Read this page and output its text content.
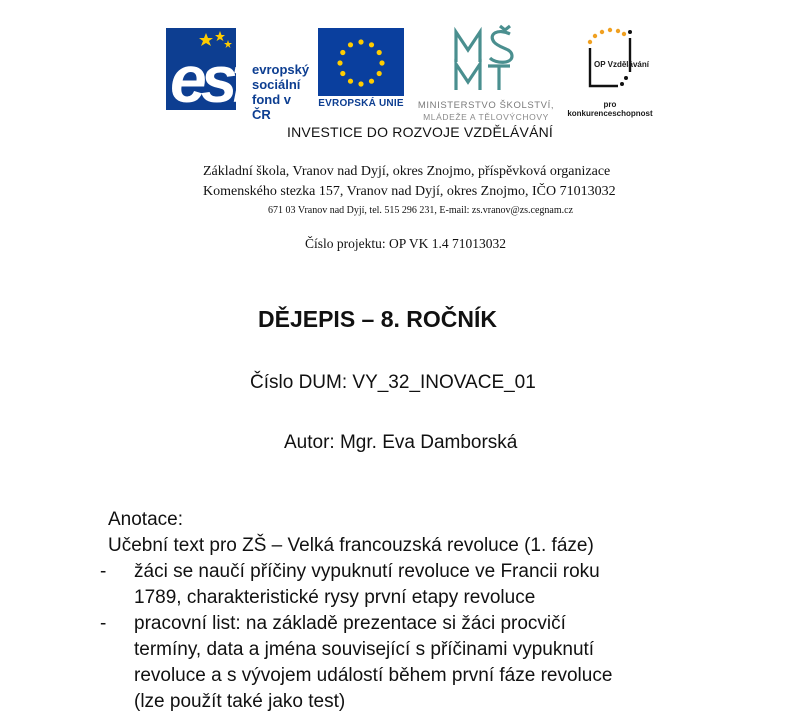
esf evropský
sociální
fond v ČR
EVROPSKÁ UNIE	MINISTERSTVO ŠKOLSTVÍ,
MLÁDEŽE A TĚLOVÝCHOVY
OP Vzdělávání
pro konkurenceschopnost
INVESTICE DO ROZVOJE VZDĚLÁVÁNÍ
Základní škola, Vranov nad Dyjí, okres Znojmo, příspěvková organizace
Komenského stezka 157, Vranov nad Dyjí, okres Znojmo, IČO 71013032
671 03 Vranov nad Dyjí, tel. 515 296 231, E-mail: zs.vranov@zs.cegnam.cz
Číslo projektu: OP VK 1.4 71013032
DĚJEPIS – 8. ROČNÍK
Číslo DUM: VY_32_INOVACE_01
Autor: Mgr. Eva Damborská
Anotace:
Učební text pro ZŠ – Velká francouzská revoluce (1. fáze)
- žáci se naučí příčiny vypuknutí revoluce ve Francii roku
1789, charakteristické rysy první etapy revoluce
- pracovní list: na základě prezentace si žáci procvičí
termíny, data a jména související s příčinami vypuknutí
revoluce a s vývojem událostí během první fáze revoluce
(lze použít také jako test)
